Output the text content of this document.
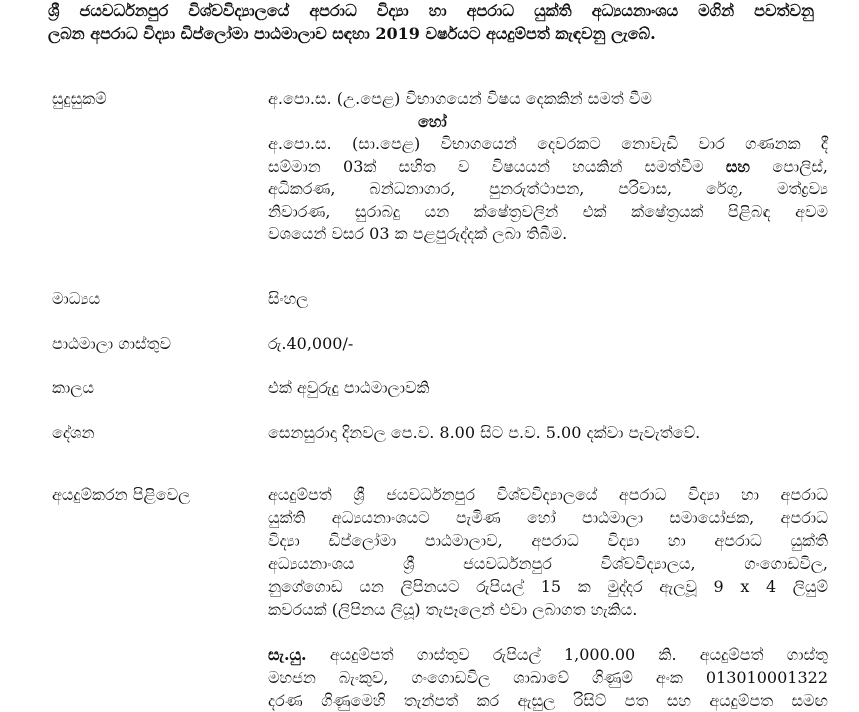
ශ්‍රී ජයවර්ධනපුර විශ්වවිද්‍යාලයේ අපරාධ විද්‍යා හා අපරාධ යුක්ති අධ්‍යයනාංශය මගින් පවත්වනු
ලබන අපරාධ විද්‍යා ඩිප්ලෝමා පාඨමාලාව සඳහා 2019 වර්ෂයට අයදුම්පත් කැඳවනු ලැබේ.
සුදුසුකම්	අ.පො.ස. (උ.පෙළ) විභාගයෙන් විෂය දෙකකින් සමත් වීම
හෝ
අ.පො.ස. (සා.පෙළ) විභාගයෙන් දෙවරකට නොවැඩි වාර ගණනක දී
සම්මාන 03ක් සහිත ව විෂයයන් හයකින් සමත්වීම සහ පොලිස්,
අධිකරණ, බන්ධනාගාර, පුනරුත්ථාපන, පරිවාස, රේගු, මත්ද්‍රව්‍ය
නිවාරණ, සුරාබදු යන ක්ෂේත්‍රවලින් එක් ක්ෂේත්‍රයක් පිළිබඳ අවම
වශයෙන් වසර 03 ක පළපුරුද්දක් ලබා තිබීම.
මාධ්‍යය	සිංහල
පාඨමාලා ගාස්තුව	රු.40,000/-
කාලය	එක් අවුරුදු පාඨමාලාවකි
දේශන	සෙනසුරාදා දිනවල පෙ.ව. 8.00 සිට ප.ව. 5.00 දක්වා පැවැත්වේ.
අයදුම්කරන පිළිවෙල	අයදුම්පත් ශ්‍රී ජයවර්ධනපුර විශ්වවිද්‍යාලයේ අපරාධ විද්‍යා හා අපරාධ
යුක්ති අධ්‍යයනාංශයට පැමිණ හෝ පාඨමාලා සමායෝජක, අපරාධ
විද්‍යා ඩිප්ලෝමා පාඨමාලාව, අපරාධ විද්‍යා හා අපරාධ යුක්ති
අධ්‍යයනාංශය ශ්‍රී ජයවර්ධනපුර විශ්වවිද්‍යාලය, ගංගොඩවිල,
නුගේගොඩ යන ලිපිනයට රුපියල් 15 ක මුද්දර ඇලවූ 9 x 4 ලියුම්
කවරයක් (ලිපිනය ලියූ) තැපෑලෙන් එවා ලබාගත හැකිය.
සැ.යු. අයදුම්පත් ගාස්තුව රුපියල් 1,000.00 කි. අයදුම්පත් ගාස්තු
මහජන බැංකුව, ගංගොඩවිල ශාඛාවේ ගිණුම් අංක 013010001322
දරණ ගිණුමෙහි තැන්පත් කර ඇසුල රිසිට් පත සහ අයදුම්පත සමඟ
